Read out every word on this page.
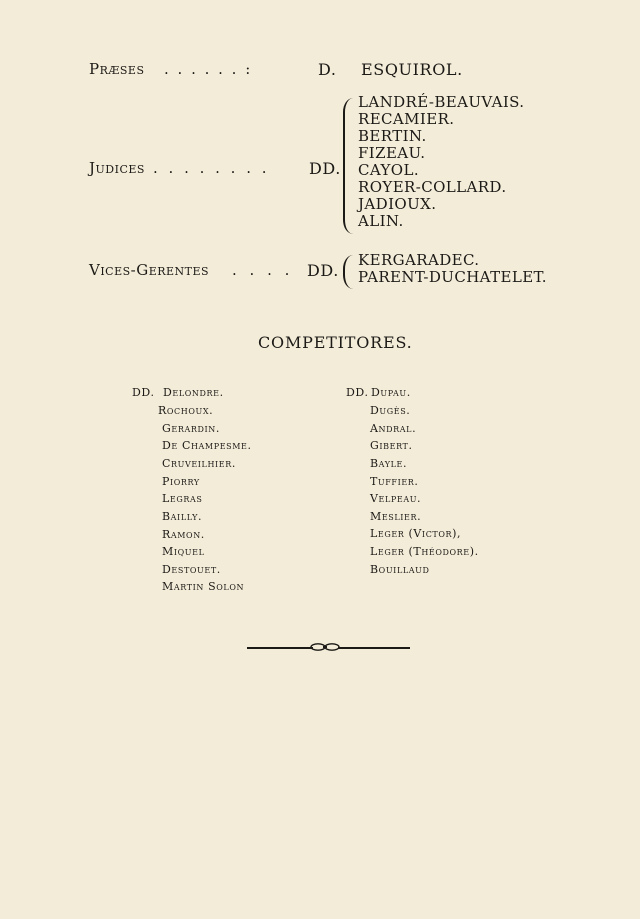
Præses . . . . . . :	D. ESQUIROL.
Judices . . . . . . . . DD.
LANDRÉ-BEAUVAIS.
RECAMIER.
BERTIN.
FIZEAU.
CAYOL.
ROYER-COLLARD.
JADIOUX.
ALIN.
Vices-Gerentes . . . . DD.
KERGARADEC.
PARENT-DUCHATELET.
COMPETITORES.
DD. Delondre.
Rochoux.
Gerardin.
De Champesme.
Cruveilhier.
Piorry
Legras
Bailly.
Ramon.
Miquel
Destouet.
Martin Solon
DD. Dupau.
Dugès.
Andral.
Gibert.
Bayle.
Tuffier.
Velpeau.
Meslier.
Leger (Victor),
Leger (Théodore).
Bouillaud
